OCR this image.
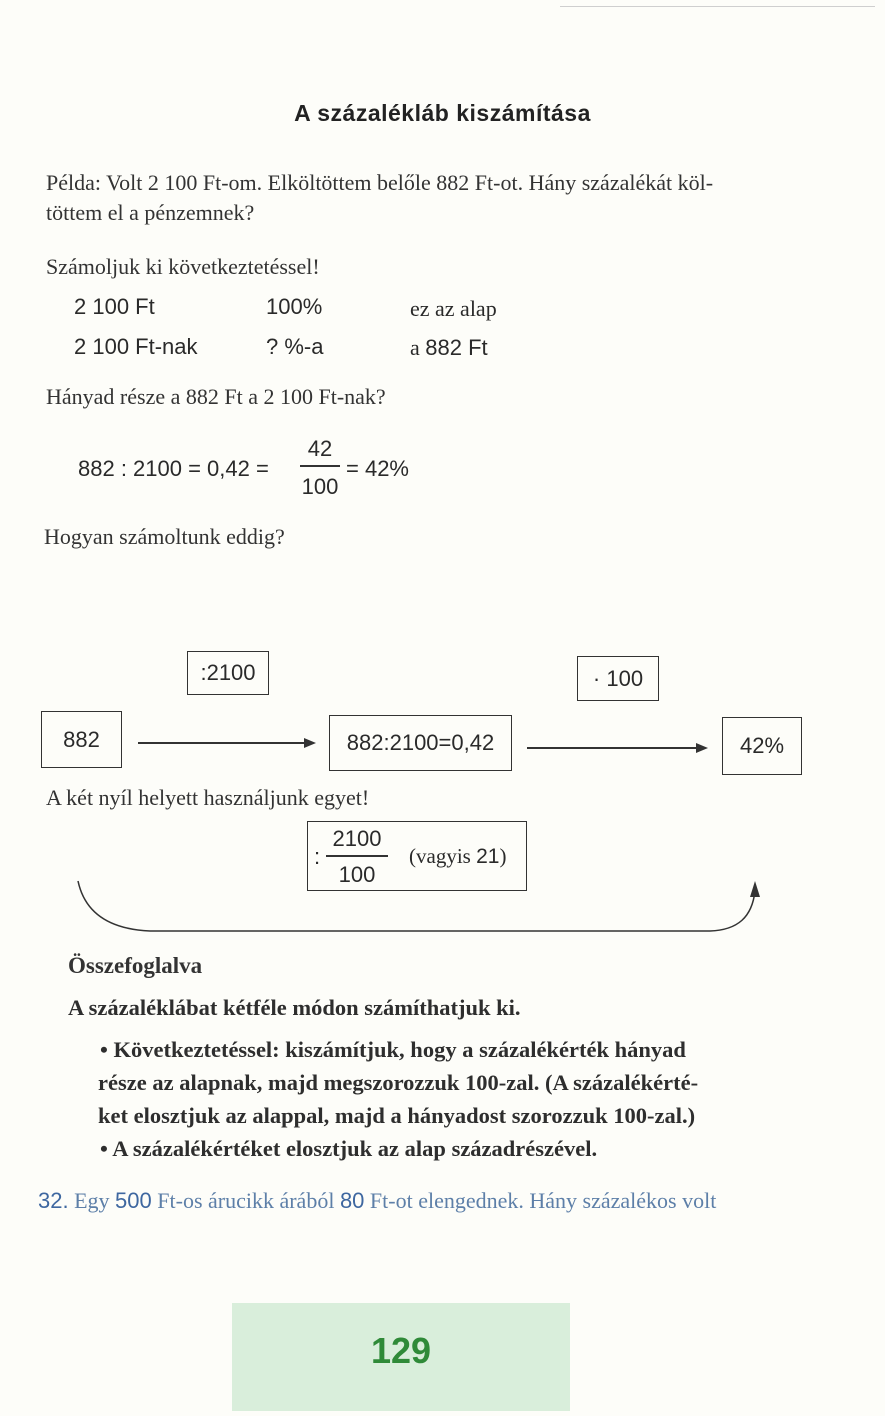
A százalékláb kiszámítása
Példa: Volt 2 100 Ft-om. Elköltöttem belőle 882 Ft-ot. Hány százalékát köl-
töttem el a pénzemnek?
Számoljuk ki következtetéssel!
2 100 Ft	100%	ez az alap
2 100 Ft-nak	? %-a	a 882 Ft
Hányad része a 882 Ft a 2 100 Ft-nak?
882 : 2100 = 0,42 =
42
100
= 42%
Hogyan számoltunk eddig?
:2100	· 100
882	882:2100=0,42	42%
A két nyíl helyett használjunk egyet!
:
2100
100
(vagyis 21)
Összefoglalva
A százaléklábat kétféle módon számíthatjuk ki.
• Következtetéssel: kiszámítjuk, hogy a százalékérték hányad
része az alapnak, majd megszorozzuk 100-zal. (A százalékérté-
ket elosztjuk az alappal, majd a hányadost szorozzuk 100-zal.)
• A százalékértéket elosztjuk az alap századrészével.
32. Egy 500 Ft-os árucikk árából 80 Ft-ot elengednek. Hány százalékos volt
129
